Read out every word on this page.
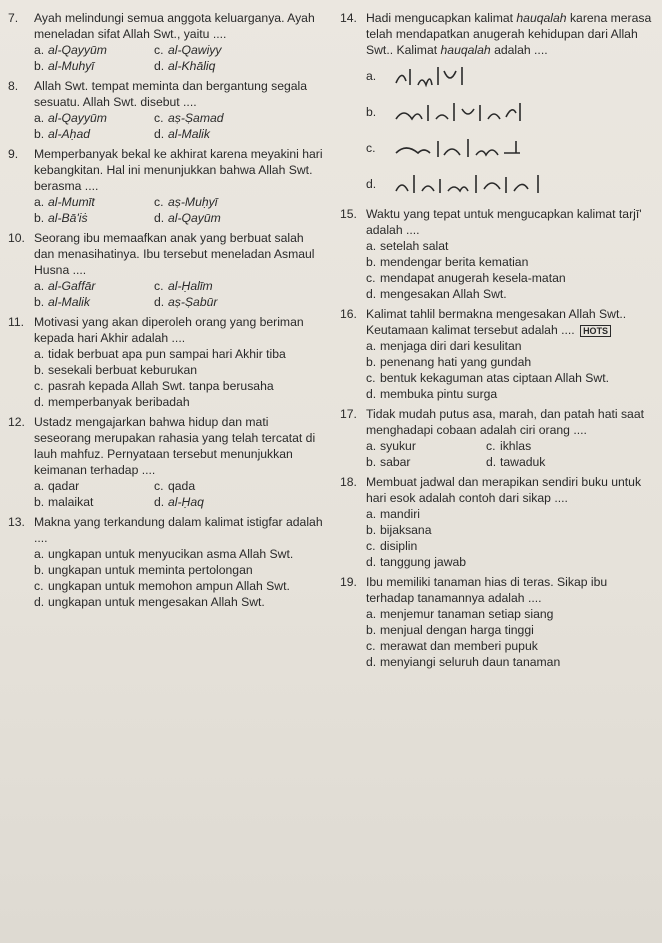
7.	Ayah melindungi semua anggota keluarganya. Ayah meneladan sifat Allah Swt., yaitu ....
a. al-Qayyūm	c. al-Qawiyy
b. al-Muhyī	d. al-Khāliq
8.	Allah Swt. tempat meminta dan bergantung segala sesuatu. Allah Swt. disebut ....
a. al-Qayyūm	c. aṣ-Ṣamad
b. al-Aḥad	d. al-Malik
9.	Memperbanyak bekal ke akhirat karena meyakini hari kebangkitan. Hal ini menunjukkan bahwa Allah Swt. berasma ....
a. al-Mumīt	c. aṣ-Muḥyī
b. al-Bā'iṡ	d. al-Qayūm
10. Seorang ibu memaafkan anak yang berbuat salah dan menasihatinya. Ibu tersebut meneladan Asmaul Husna ....
a. al-Gaffār	c. al-Ḥalīm
b. al-Malik	d. aṣ-Ṣabūr
11. Motivasi yang akan diperoleh orang yang beriman kepada hari Akhir adalah ....
a. tidak berbuat apa pun sampai hari Akhir tiba
b. sesekali berbuat keburukan
c. pasrah kepada Allah Swt. tanpa berusaha
d. memperbanyak beribadah
12. Ustadz mengajarkan bahwa hidup dan mati seseorang merupakan rahasia yang telah tercatat di lauh mahfuz. Pernyataan tersebut menunjukkan keimanan terhadap ....
a. qadar	c. qada
b. malaikat	d. al-Ḥaq
13. Makna yang terkandung dalam kalimat istigfar adalah ....
a. ungkapan untuk menyucikan asma Allah Swt.
b. ungkapan untuk meminta pertolongan
c. ungkapan untuk memohon ampun Allah Swt.
d. ungkapan untuk mengesakan Allah Swt.
14. Hadi mengucapkan kalimat hauqalah karena merasa telah mendapatkan anugerah kehidupan dari Allah Swt.. Kalimat hauqalah adalah ....
a.
b.
c.
d.
15. Waktu yang tepat untuk mengucapkan kalimat tarjī' adalah ....
a. setelah salat
b. mendengar berita kematian
c. mendapat anugerah kesela-matan
d. mengesakan Allah Swt.
16. Kalimat tahlil bermakna mengesakan Allah Swt.. Keutamaan kalimat tersebut adalah .... HOTS
a. menjaga diri dari kesulitan
b. penenang hati yang gundah
c. bentuk kekaguman atas ciptaan Allah Swt.
d. membuka pintu surga
17. Tidak mudah putus asa, marah, dan patah hati saat menghadapi cobaan adalah ciri orang ....
a. syukur	c. ikhlas
b. sabar	d. tawaduk
18. Membuat jadwal dan merapikan sendiri buku untuk hari esok adalah contoh dari sikap ....
a. mandiri
b. bijaksana
c. disiplin
d. tanggung jawab
19. Ibu memiliki tanaman hias di teras. Sikap ibu terhadap tanamannya adalah ....
a. menjemur tanaman setiap siang
b. menjual dengan harga tinggi
c. merawat dan memberi pupuk
d. menyiangi seluruh daun tanaman
